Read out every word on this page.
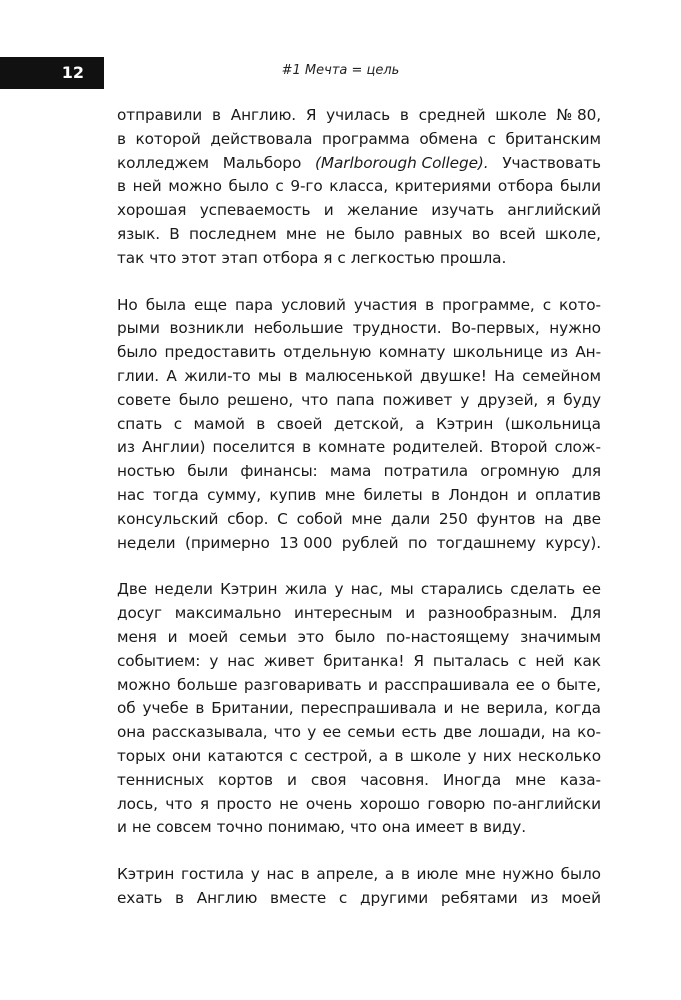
12	#1 Мечта = цель
отправили в Англию. Я училась в средней школе № 80,
в которой действовала программа обмена с британским
колледжем Мальборо (Marlborough College). Участвовать
в ней можно было с 9-го класса, критериями отбора были
хорошая успеваемость и желание изучать английский
язык. В последнем мне не было равных во всей школе,
так что этот этап отбора я с легкостью прошла.
Но была еще пара условий участия в программе, с кото-
рыми возникли небольшие трудности. Во-первых, нужно
было предоставить отдельную комнату школьнице из Ан-
глии. А жили-то мы в малюсенькой двушке! На семейном
совете было решено, что папа поживет у друзей, я буду
спать с мамой в своей детской, а Кэтрин (школьница
из Англии) поселится в комнате родителей. Второй слож-
ностью были финансы: мама потратила огромную для
нас тогда сумму, купив мне билеты в Лондон и оплатив
консульский сбор. С собой мне дали 250 фунтов на две
недели (примерно 13 000 рублей по тогдашнему курсу).
Две недели Кэтрин жила у нас, мы старались сделать ее
досуг максимально интересным и разнообразным. Для
меня и моей семьи это было по-настоящему значимым
событием: у нас живет британка! Я пыталась с ней как
можно больше разговаривать и расспрашивала ее о быте,
об учебе в Британии, переспрашивала и не верила, когда
она рассказывала, что у ее семьи есть две лошади, на ко-
торых они катаются с сестрой, а в школе у них несколько
теннисных кортов и своя часовня. Иногда мне каза-
лось, что я просто не очень хорошо говорю по-английски
и не совсем точно понимаю, что она имеет в виду.
Кэтрин гостила у нас в апреле, а в июле мне нужно было
ехать в Англию вместе с другими ребятами из моей
